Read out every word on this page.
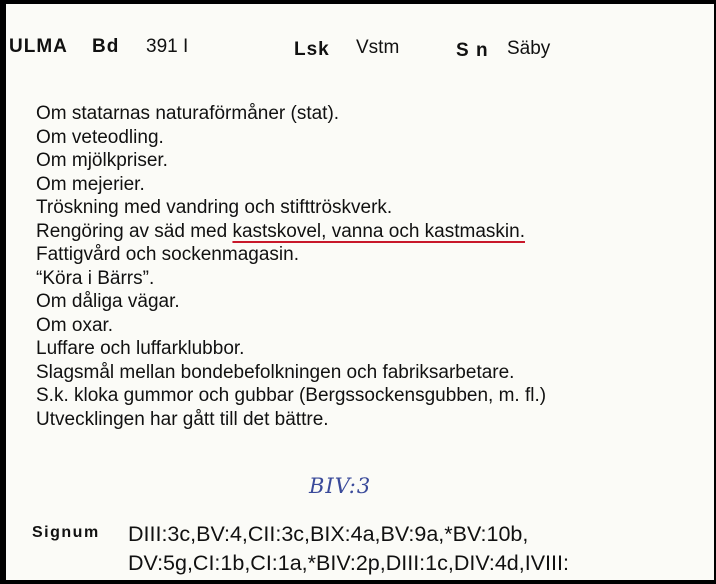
ULMA Bd 391 I	Lsk Vstm	S n Säby
Om statarnas naturaförmåner (stat).
Om veteodling.
Om mjölkpriser.
Om mejerier.
Tröskning med vandring och stifttröskverk.
Rengöring av säd med kastskovel, vanna och kastmaskin.
Fattigvård och sockenmagasin.
“Köra i Bärrs”.
Om dåliga vägar.
Om oxar.
Luffare och luffarklubbor.
Slagsmål mellan bondebefolkningen och fabriksarbetare.
S.k. kloka gummor och gubbar (Bergssockensgubben, m. fl.)
Utvecklingen har gått till det bättre.
BIV:3
Signum DIII:3c,BV:4,CII:3c,BIX:4a,BV:9a,*BV:10b,
DV:5g,CI:1b,CI:1a,*BIV:2p,DIII:1c,DIV:4d,IVIII:
